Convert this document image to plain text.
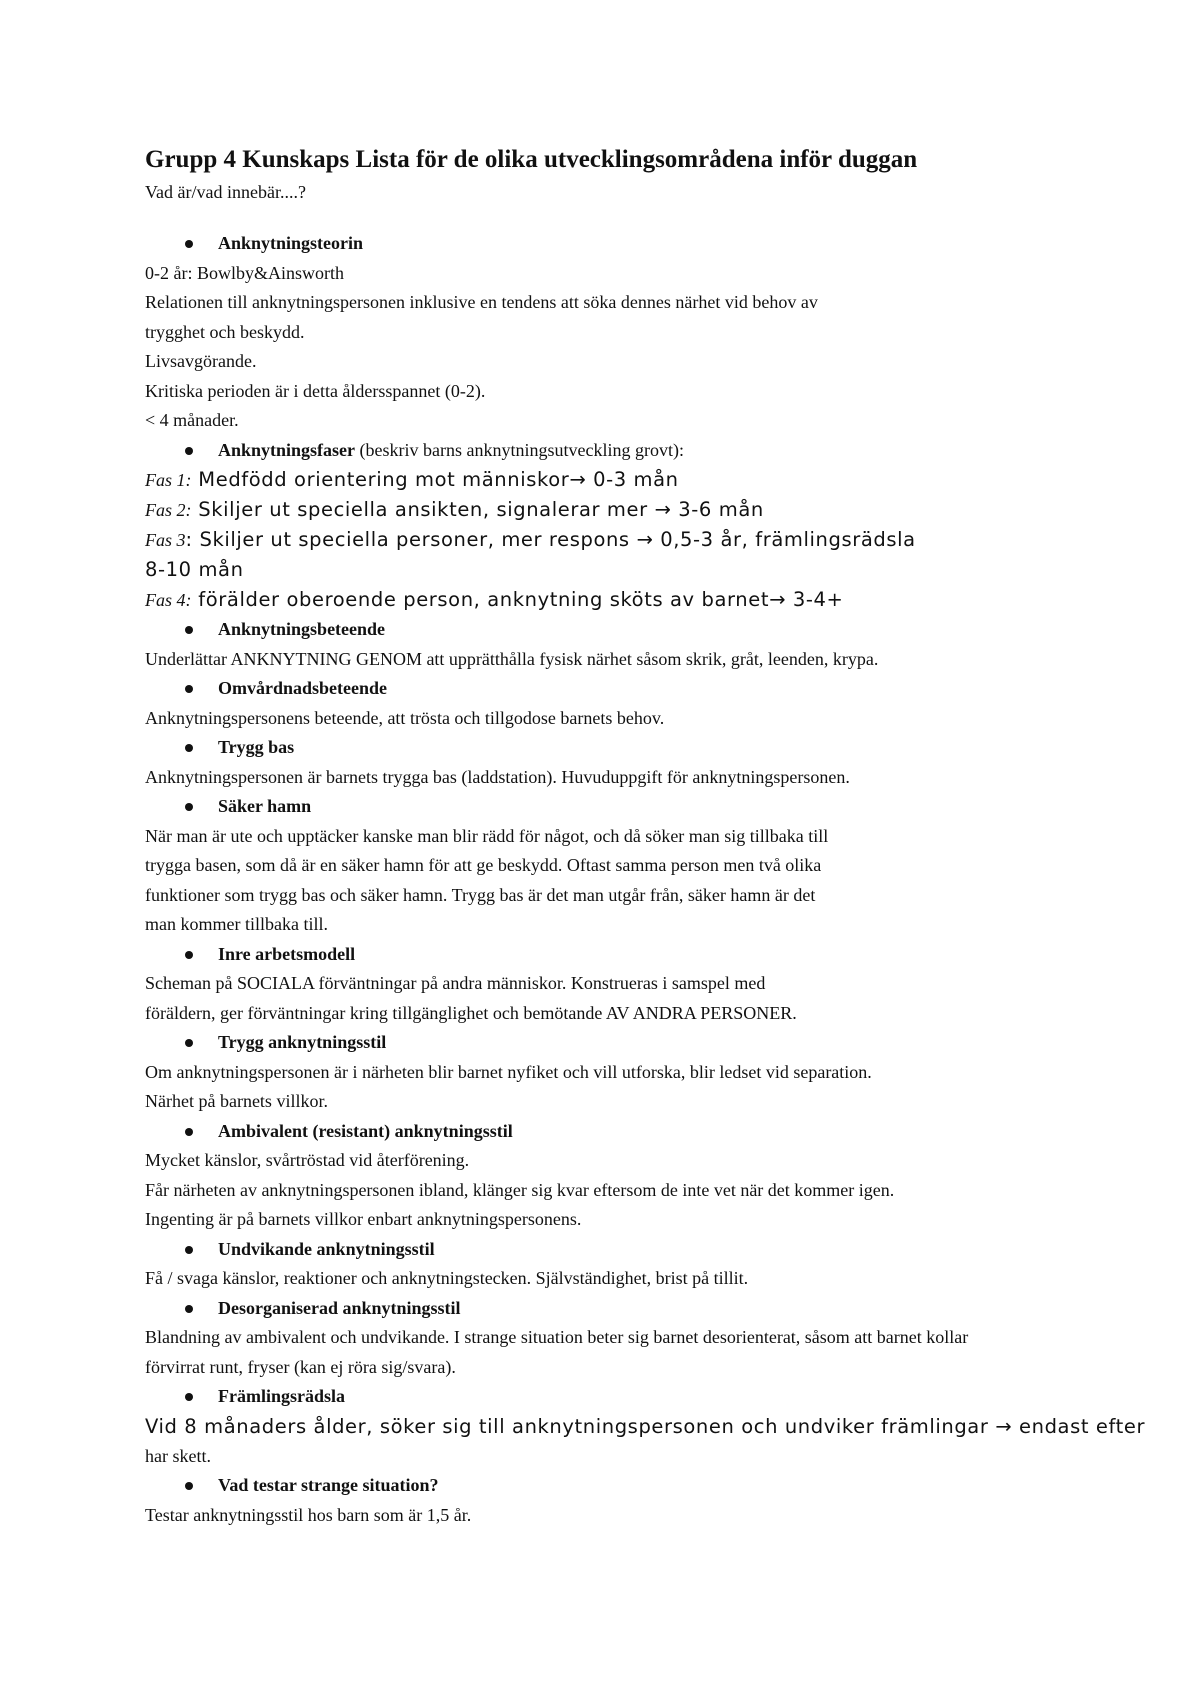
Grupp 4 Kunskaps Lista för de olika utvecklingsområdena inför duggan
Vad är/vad innebär....?
Anknytningsteorin
0-2 år: Bowlby&Ainsworth
Relationen till anknytningspersonen inklusive en tendens att söka dennes närhet vid behov av
trygghet och beskydd.
Livsavgörande.
Kritiska perioden är i detta åldersspannet (0-2).
< 4 månader.
Anknytningsfaser (beskriv barns anknytningsutveckling grovt):
Fas 1: Medfödd orientering mot människor→ 0-3 mån
Fas 2: Skiljer ut speciella ansikten, signalerar mer → 3-6 mån
Fas 3: Skiljer ut speciella personer, mer respons → 0,5-3 år, främlingsrädsla
8-10 mån
Fas 4: förälder oberoende person, anknytning sköts av barnet→ 3-4+
Anknytningsbeteende
Underlättar ANKNYTNING GENOM att upprätthålla fysisk närhet såsom skrik, gråt, leenden, krypa.
Omvårdnadsbeteende
Anknytningspersonens beteende, att trösta och tillgodose barnets behov.
Trygg bas
Anknytningspersonen är barnets trygga bas (laddstation). Huvuduppgift för anknytningspersonen.
Säker hamn
När man är ute och upptäcker kanske man blir rädd för något, och då söker man sig tillbaka till
trygga basen, som då är en säker hamn för att ge beskydd. Oftast samma person men två olika
funktioner som trygg bas och säker hamn. Trygg bas är det man utgår från, säker hamn är det
man kommer tillbaka till.
Inre arbetsmodell
Scheman på SOCIALA förväntningar på andra människor. Konstrueras i samspel med
föräldern, ger förväntningar kring tillgänglighet och bemötande AV ANDRA PERSONER.
Trygg anknytningsstil
Om anknytningspersonen är i närheten blir barnet nyfiket och vill utforska, blir ledset vid separation.
Närhet på barnets villkor.
Ambivalent (resistant) anknytningsstil
Mycket känslor, svårtröstad vid återförening.
Får närheten av anknytningspersonen ibland, klänger sig kvar eftersom de inte vet när det kommer igen.
Ingenting är på barnets villkor enbart anknytningspersonens.
Undvikande anknytningsstil
Få / svaga känslor, reaktioner och anknytningstecken. Självständighet, brist på tillit.
Desorganiserad anknytningsstil
Blandning av ambivalent och undvikande. I strange situation beter sig barnet desorienterat, såsom att barnet kollar
förvirrat runt, fryser (kan ej röra sig/svara).
Främlingsrädsla
Vid 8 månaders ålder, söker sig till anknytningspersonen och undviker främlingar → endast efter
har skett.
Vad testar strange situation?
Testar anknytningsstil hos barn som är 1,5 år.
